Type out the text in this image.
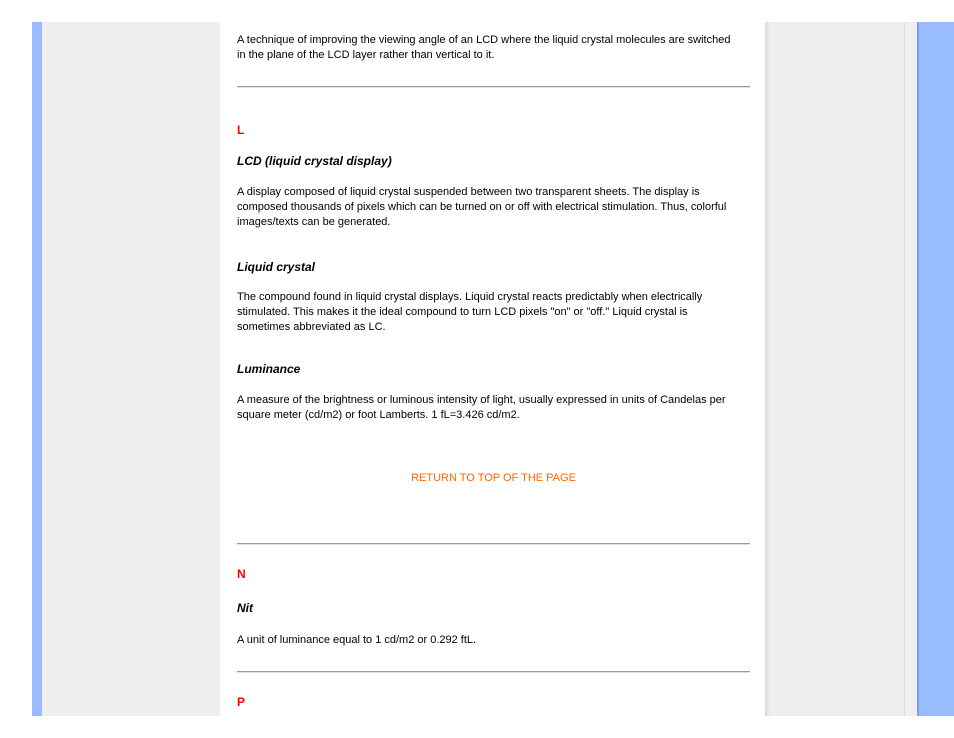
A technique of improving the viewing angle of an LCD where the liquid crystal molecules are switched in the plane of the LCD layer rather than vertical to it.

L

LCD (liquid crystal display)

A display composed of liquid crystal suspended between two transparent sheets. The display is composed thousands of pixels which can be turned on or off with electrical stimulation. Thus, colorful images/texts can be generated.

Liquid crystal

The compound found in liquid crystal displays. Liquid crystal reacts predictably when electrically stimulated. This makes it the ideal compound to turn LCD pixels "on" or "off." Liquid crystal is sometimes abbreviated as LC.

Luminance

A measure of the brightness or luminous intensity of light, usually expressed in units of Candelas per square meter (cd/m2) or foot Lamberts. 1 fL=3.426 cd/m2.

RETURN TO TOP OF THE PAGE

N

Nit

A unit of luminance equal to 1 cd/m2 or 0.292 ftL.

P
